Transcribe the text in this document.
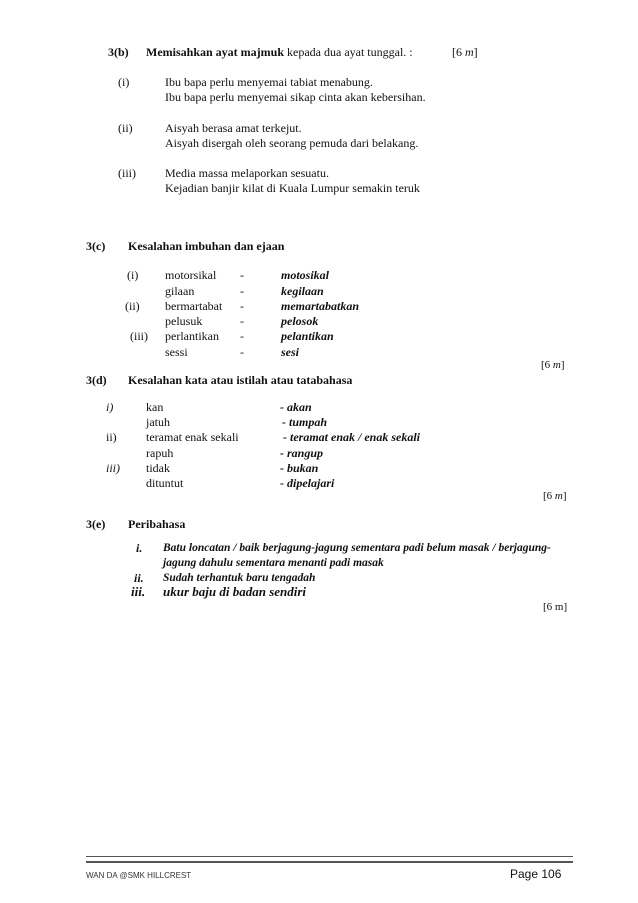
3(b) Memisahkan ayat majmuk kepada dua ayat tunggal. :	[6 m]
(i)	Ibu bapa perlu menyemai tabiat menabung.
Ibu bapa perlu menyemai sikap cinta akan kebersihan.
(ii)	Aisyah berasa amat terkejut.
Aisyah disergah oleh seorang pemuda dari belakang.
(iii) Media massa melaporkan sesuatu.
Kejadian banjir kilat di Kuala Lumpur semakin teruk
3(c) Kesalahan imbuhan dan ejaan
(i) motorsikal -	motosikal
gilaan	-	kegilaan
(ii) bermartabat -	memartabatkan
pelusuk	-	pelosok
(iii) perlantikan -	pelantikan
sessi	-	sesi
[6 m]
3(d) Kesalahan kata atau istilah atau tatabahasa
i)	kan	- akan
jatuh	- tumpah
ii) teramat enak sekali	- teramat enak / enak sekali
rapuh	- rangup
iii) tidak	- bukan
dituntut	- dipelajari
[6 m]
3(e) Peribahasa
i. Batu loncatan / baik berjagung-jagung sementara padi belum masak / berjagung-
jagung dahulu sementara menanti padi masak
ii. Sudah terhantuk baru tengadah
iii. ukur baju di badan sendiri
[6 m]
WAN DA @SMK HILLCREST	Page 106
